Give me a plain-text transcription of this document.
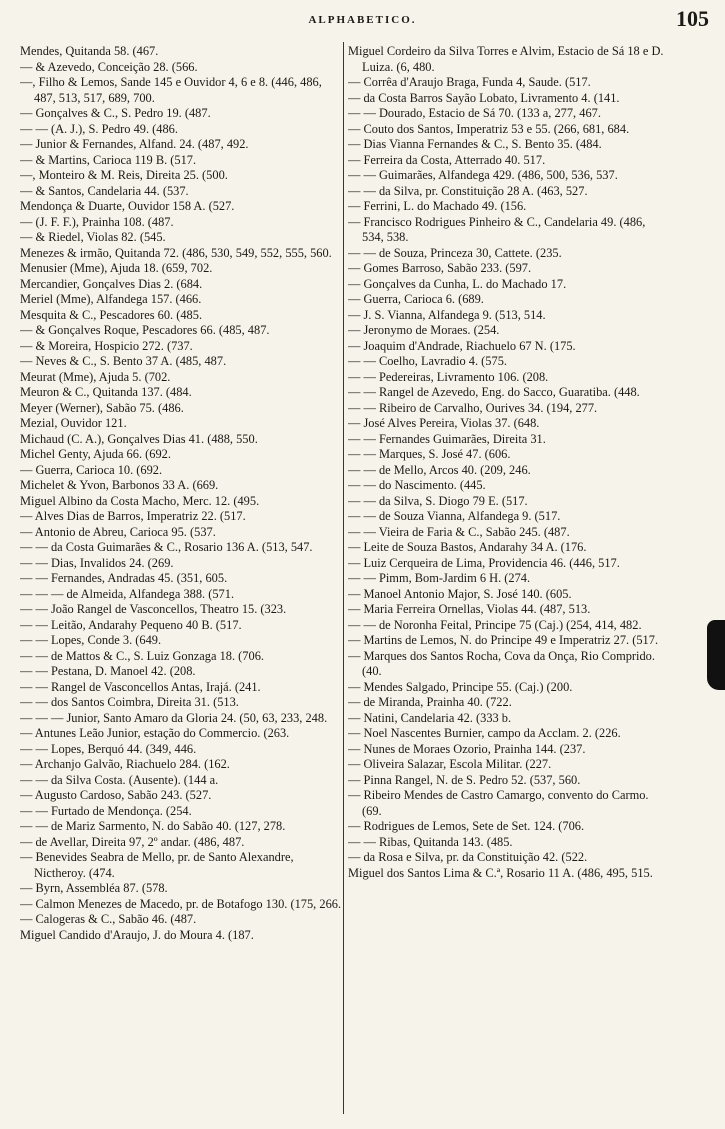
ALPHABETICO.	105
Mendes, Quitanda 58. (467.
— & Azevedo, Conceição 28. (566.
—, Filho & Lemos, Sande 145 e Ouvidor 4, 6 e 8. (446, 486, 487, 513, 517, 689, 700.
— Gonçalves & C., S. Pedro 19. (487.
— — (A. J.), S. Pedro 49. (486.
— Junior & Fernandes, Alfand. 24. (487, 492.
— & Martins, Carioca 119 B. (517.
—, Monteiro & M. Reis, Direita 25. (500.
— & Santos, Candelaria 44. (537.
Mendonça & Duarte, Ouvidor 158 A. (527.
— (J. F. F.), Prainha 108. (487.
— & Riedel, Violas 82. (545.
Menezes & irmão, Quitanda 72. (486, 530, 549, 552, 555, 560.
Menusier (Mme), Ajuda 18. (659, 702.
Mercandier, Gonçalves Dias 2. (684.
Meriel (Mme), Alfandega 157. (466.
Mesquita & C., Pescadores 60. (485.
— & Gonçalves Roque, Pescadores 66. (485, 487.
— & Moreira, Hospicio 272. (737.
— Neves & C., S. Bento 37 A. (485, 487.
Meurat (Mme), Ajuda 5. (702.
Meuron & C., Quitanda 137. (484.
Meyer (Werner), Sabão 75. (486.
Mezial, Ouvidor 121.
Michaud (C. A.), Gonçalves Dias 41. (488, 550.
Michel Genty, Ajuda 66. (692.
— Guerra, Carioca 10. (692.
Michelet & Yvon, Barbonos 33 A. (669.
Miguel Albino da Costa Macho, Merc. 12. (495.
— Alves Dias de Barros, Imperatriz 22. (517.
— Antonio de Abreu, Carioca 95. (537.
— — da Costa Guimarães & C., Rosario 136 A. (513, 547.
— — Dias, Invalidos 24. (269.
— — Fernandes, Andradas 45. (351, 605.
— — — de Almeida, Alfandega 388. (571.
— — João Rangel de Vasconcellos, Theatro 15. (323.
— — Leitão, Andarahy Pequeno 40 B. (517.
— — Lopes, Conde 3. (649.
— — de Mattos & C., S. Luiz Gonzaga 18. (706.
— — Pestana, D. Manoel 42. (208.
— — Rangel de Vasconcellos Antas, Irajá. (241.
— — dos Santos Coimbra, Direita 31. (513.
— — — Junior, Santo Amaro da Gloria 24. (50, 63, 233, 248.
— Antunes Leão Junior, estação do Commercio. (263.
— — Lopes, Berquó 44. (349, 446.
— Archanjo Galvão, Riachuelo 284. (162.
— — da Silva Costa. (Ausente). (144 a.
— Augusto Cardoso, Sabão 243. (527.
— — Furtado de Mendonça. (254.
— — de Mariz Sarmento, N. do Sabão 40. (127, 278.
— de Avellar, Direita 97, 2º andar. (486, 487.
— Benevides Seabra de Mello, pr. de Santo Alexandre, Nictheroy. (474.
— Byrn, Assembléa 87. (578.
— Calmon Menezes de Macedo, pr. de Botafogo 130. (175, 266.
— Calogeras & C., Sabão 46. (487.
Miguel Candido d'Araujo, J. do Moura 4. (187.
Miguel Cordeiro da Silva Torres e Alvim, Estacio de Sá 18 e D. Luiza. (6, 480.
— Corrêa d'Araujo Braga, Funda 4, Saude. (517.
— da Costa Barros Sayão Lobato, Livramento 4. (141.
— — Dourado, Estacio de Sá 70. (133 a, 277, 467.
— Couto dos Santos, Imperatriz 53 e 55. (266, 681, 684.
— Dias Vianna Fernandes & C., S. Bento 35. (484.
— Ferreira da Costa, Atterrado 40. 517.
— — Guimarães, Alfandega 429. (486, 500, 536, 537.
— — da Silva, pr. Constituição 28 A. (463, 527.
— Ferrini, L. do Machado 49. (156.
— Francisco Rodrigues Pinheiro & C., Candelaria 49. (486, 534, 538.
— — de Souza, Princeza 30, Cattete. (235.
— Gomes Barroso, Sabão 233. (597.
— Gonçalves da Cunha, L. do Machado 17.
— Guerra, Carioca 6. (689.
— J. S. Vianna, Alfandega 9. (513, 514.
— Jeronymo de Moraes. (254.
— Joaquim d'Andrade, Riachuelo 67 N. (175.
— — Coelho, Lavradio 4. (575.
— — Pedereiras, Livramento 106. (208.
— — Rangel de Azevedo, Eng. do Sacco, Guaratiba. (448.
— — Ribeiro de Carvalho, Ourives 34. (194, 277.
— José Alves Pereira, Violas 37. (648.
— — Fernandes Guimarães, Direita 31.
— — Marques, S. José 47. (606.
— — de Mello, Arcos 40. (209, 246.
— — do Nascimento. (445.
— — da Silva, S. Diogo 79 E. (517.
— — de Souza Vianna, Alfandega 9. (517.
— — Vieira de Faria & C., Sabão 245. (487.
— Leite de Souza Bastos, Andarahy 34 A. (176.
— Luiz Cerqueira de Lima, Providencia 46. (446, 517.
— — Pimm, Bom-Jardim 6 H. (274.
— Manoel Antonio Major, S. José 140. (605.
— Maria Ferreira Ornellas, Violas 44. (487, 513.
— — de Noronha Feital, Principe 75 (Caj.) (254, 414, 482.
— Martins de Lemos, N. do Principe 49 e Imperatriz 27. (517.
— Marques dos Santos Rocha, Cova da Onça, Rio Comprido. (40.
— Mendes Salgado, Principe 55. (Caj.) (200.
— de Miranda, Prainha 40. (722.
— Natini, Candelaria 42. (333 b.
— Noel Nascentes Burnier, campo da Acclam. 2. (226.
— Nunes de Moraes Ozorio, Prainha 144. (237.
— Oliveira Salazar, Escola Militar. (227.
— Pinna Rangel, N. de S. Pedro 52. (537, 560.
— Ribeiro Mendes de Castro Camargo, convento do Carmo. (69.
— Rodrigues de Lemos, Sete de Set. 124. (706.
— — Ribas, Quitanda 143. (485.
— da Rosa e Silva, pr. da Constituição 42. (522.
Miguel dos Santos Lima & C.ª, Rosario 11 A. (486, 495, 515.
